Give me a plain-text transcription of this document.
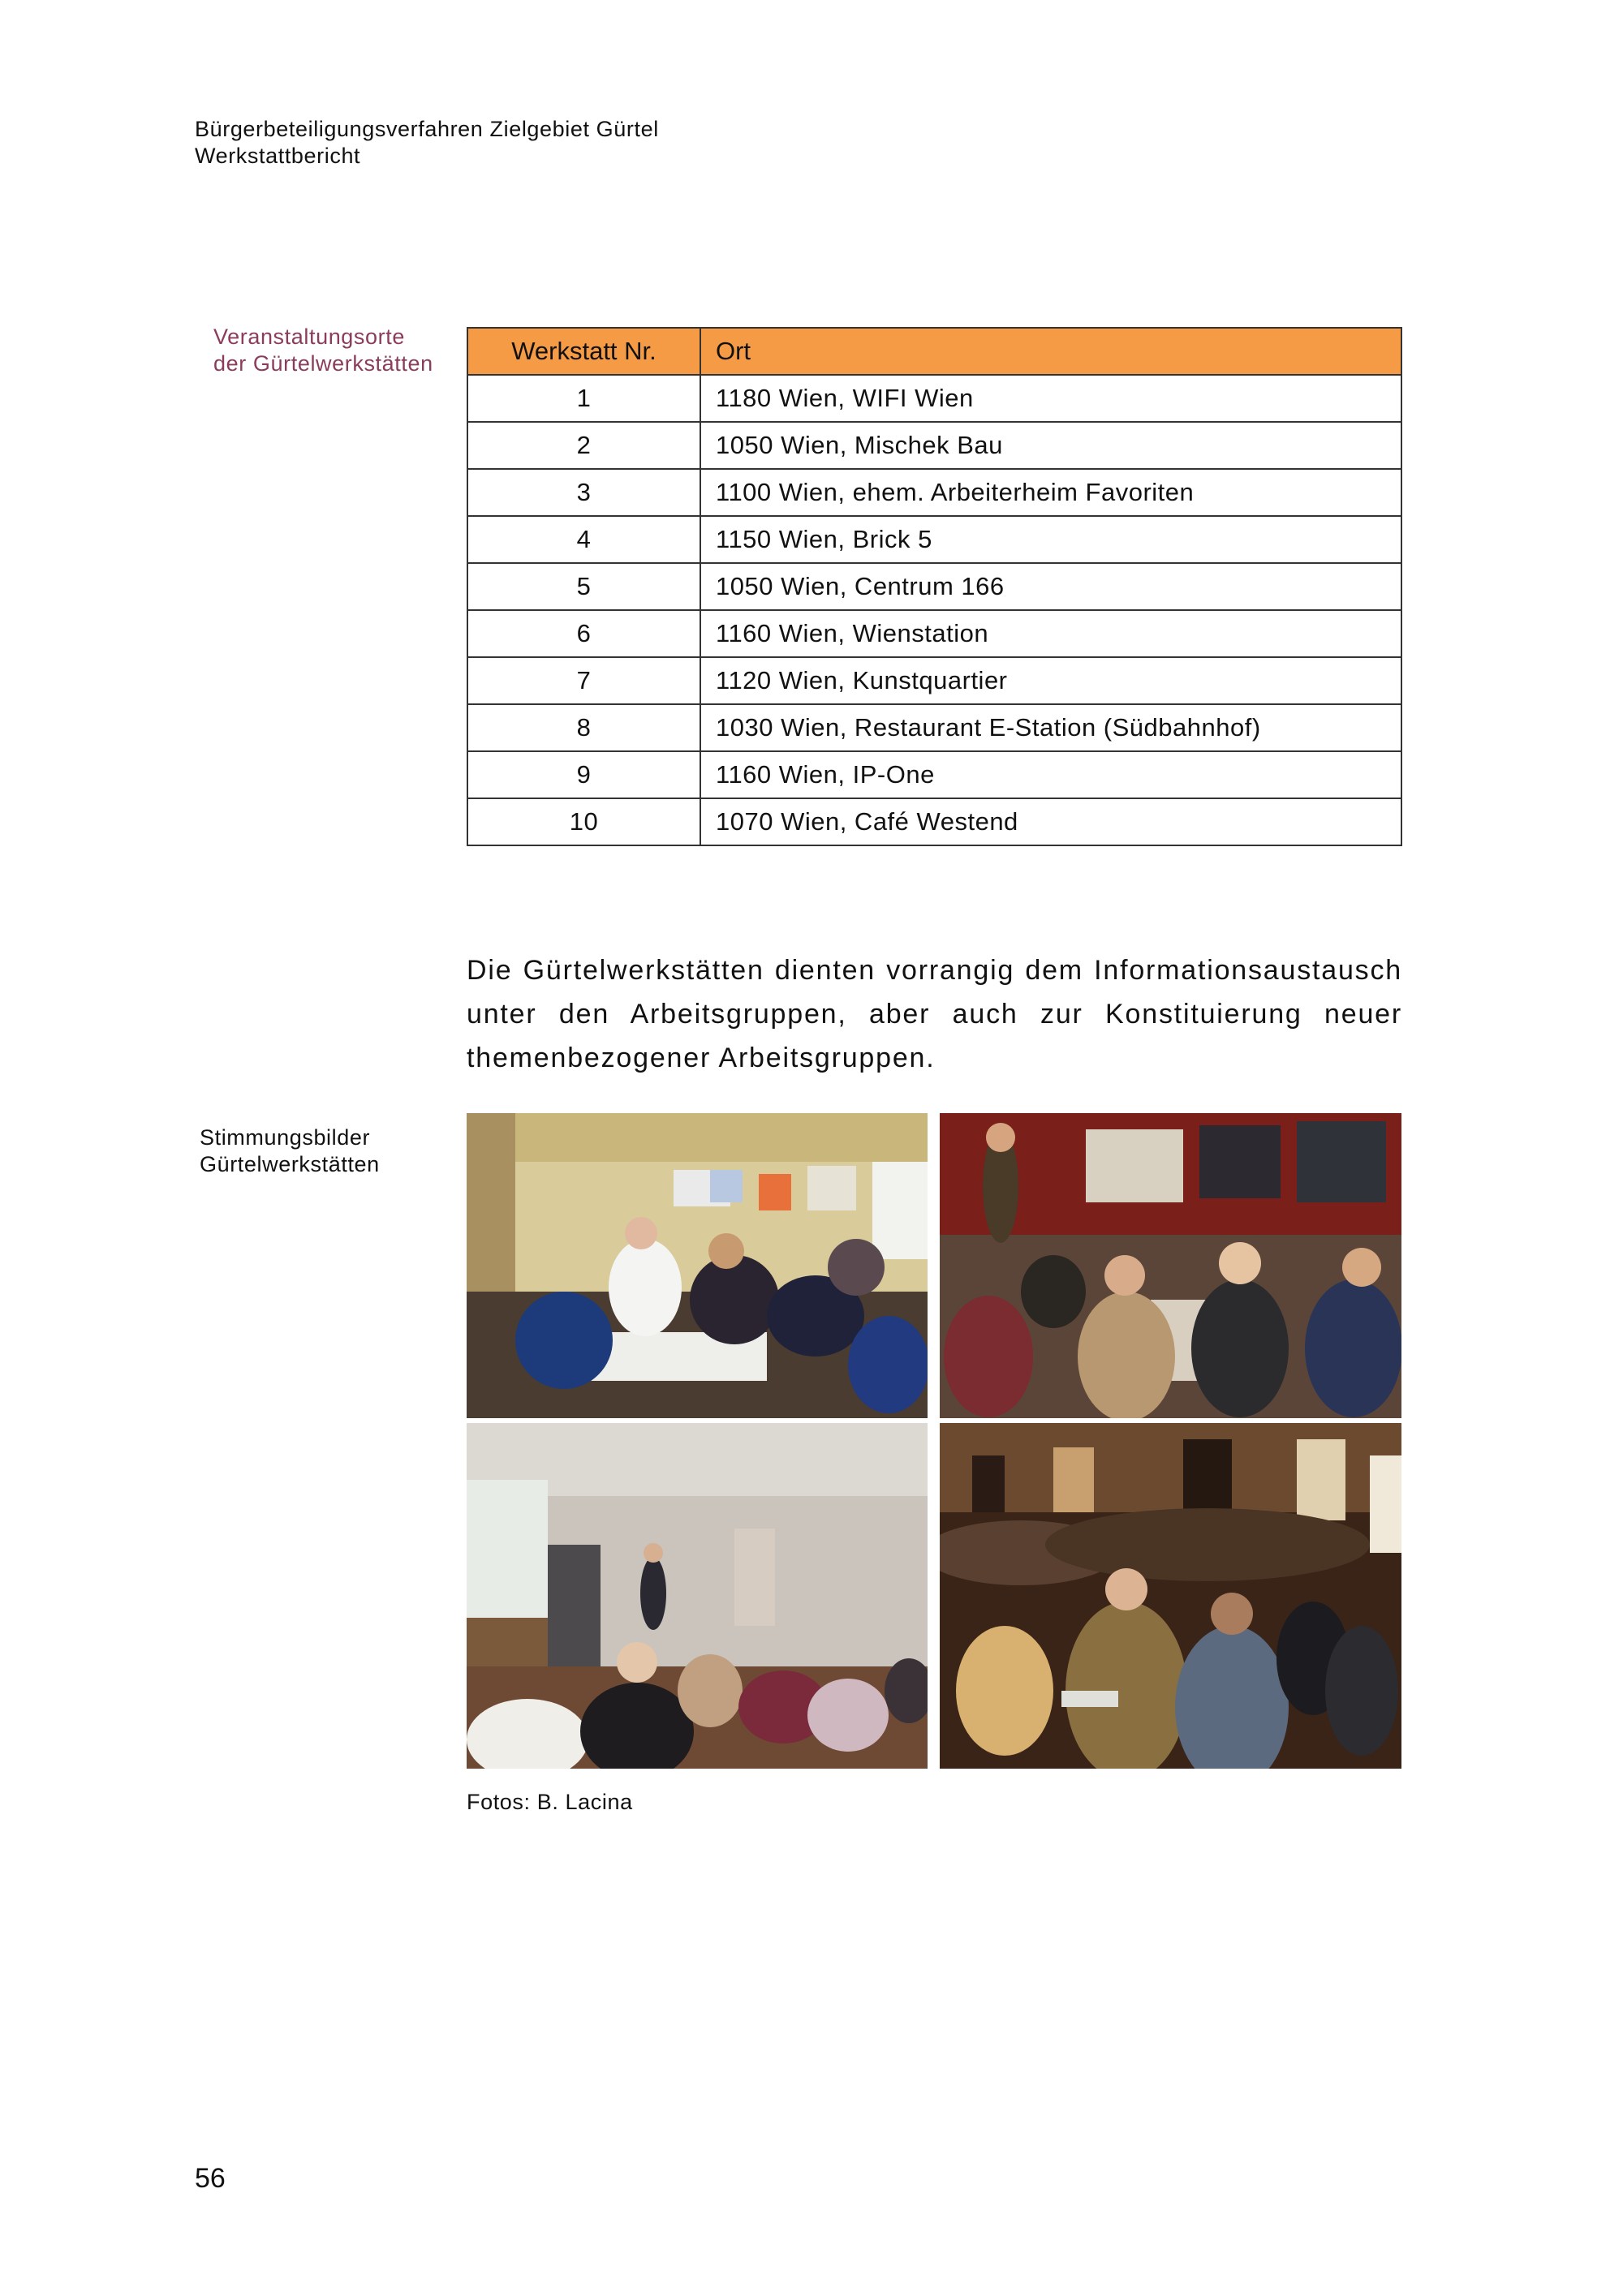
Bürgerbeteiligungsverfahren Zielgebiet Gürtel
Werkstattbericht
Veranstaltungsorte
der Gürtelwerkstätten	Werkstatt Nr.	Ort
1	1180 Wien, WIFI Wien
2	1050 Wien, Mischek Bau
3	1100 Wien, ehem. Arbeiterheim Favoriten
4	1150 Wien, Brick 5
5	1050 Wien, Centrum 166
6	1160 Wien, Wienstation
7	1120 Wien, Kunstquartier
8	1030 Wien, Restaurant E-Station (Südbahnhof)
9	1160 Wien, IP-One
10	1070 Wien, Café Westend

Die Gürtelwerkstätten dienten vorrangig dem Informationsaustausch unter den Arbeitsgruppen, aber auch zur Konstituierung neuer themenbezogener Arbeitsgruppen.

Stimmungsbilder
Gürtelwerkstätten
Fotos: B. Lacina
56
